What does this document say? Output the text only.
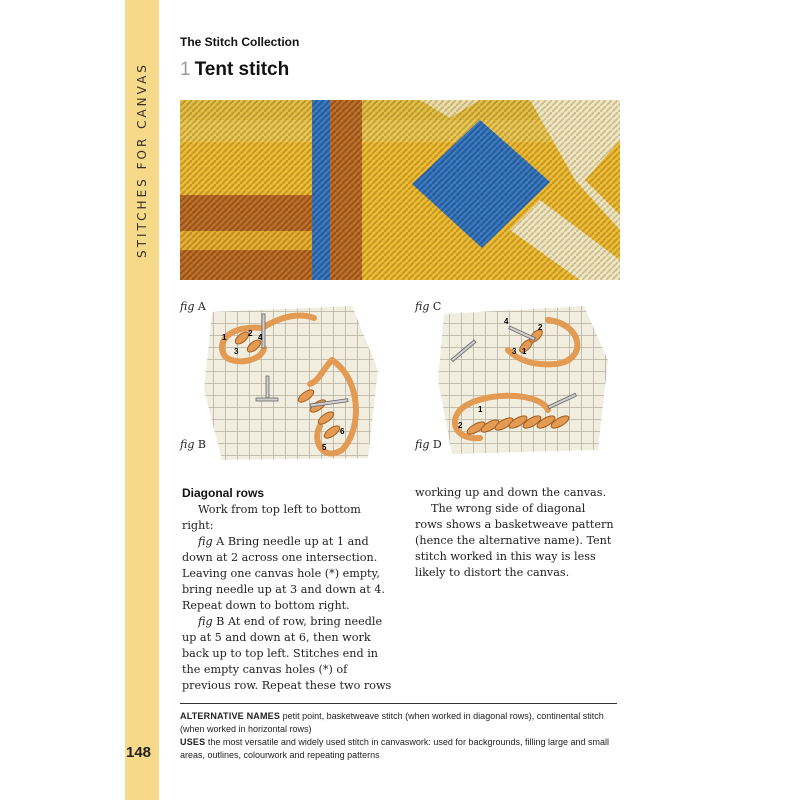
STITCHES FOR CANVAS
148
The Stitch Collection
1 Tent stitch
fig A
fig B
1	2
3
4
5
6
fig C
fig D
4
2
3 1
1
2
Diagonal rows

Work from top left to bottom right:

fig A Bring needle up at 1 and down at 2 across one intersection. Leaving one canvas hole (*) empty, bring needle up at 3 and down at 4. Repeat down to bottom right.

fig B At end of row, bring needle up at 5 and down at 6, then work back up to top left. Stitches end in the empty canvas holes (*) of previous row. Repeat these two rows

working up and down the canvas.

The wrong side of diagonal rows shows a basketweave pattern (hence the alternative name). Tent stitch worked in this way is less likely to distort the canvas.

ALTERNATIVE NAMES petit point, basketweave stitch (when worked in diagonal rows), continental stitch (when worked in horizontal rows)
USES the most versatile and widely used stitch in canvaswork: used for backgrounds, filling large and small areas, outlines, colourwork and repeating patterns
